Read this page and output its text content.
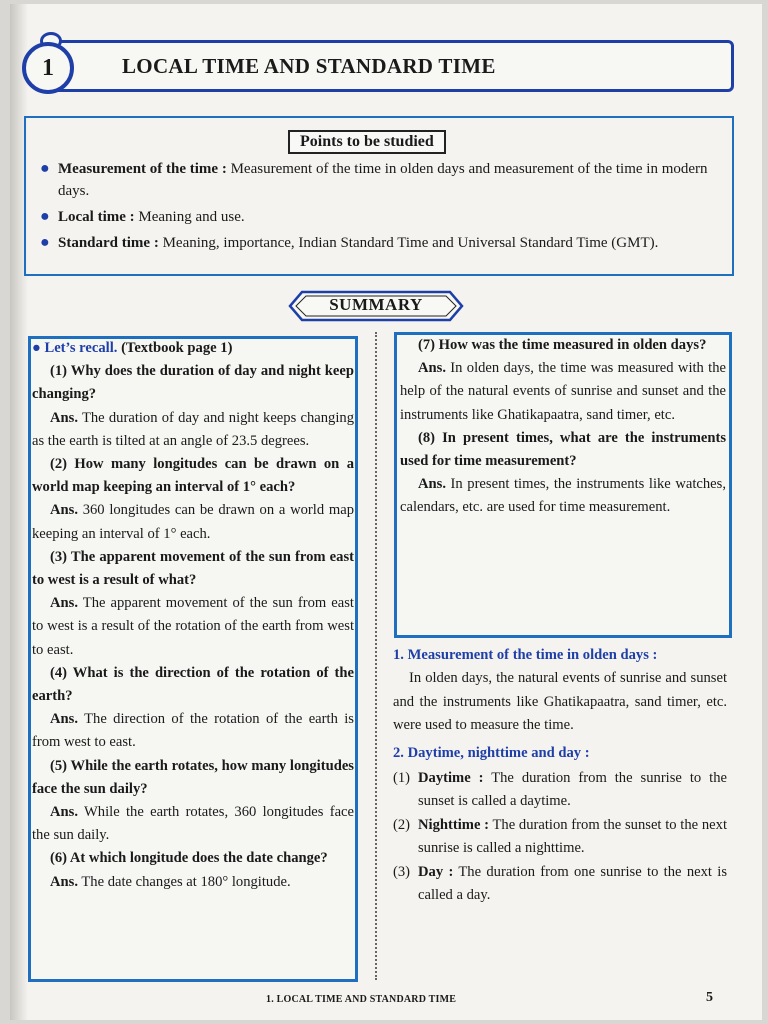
1	LOCAL TIME AND STANDARD TIME
Points to be studied
● Measurement of the time : Measurement of the time in olden days and measurement of the time in modern days.
● Local time : Meaning and use.
● Standard time : Meaning, importance, Indian Standard Time and Universal Standard Time (GMT).
SUMMARY

● Let’s recall. (Textbook page 1)

(1) Why does the duration of day and night keep changing?

Ans. The duration of day and night keeps changing as the earth is tilted at an angle of 23.5 degrees.

(2) How many longitudes can be drawn on a world map keeping an interval of 1° each?

Ans. 360 longitudes can be drawn on a world map keeping an interval of 1° each.

(3) The apparent movement of the sun from east to west is a result of what?

Ans. The apparent movement of the sun from east to west is a result of the rotation of the earth from west to east.

(4) What is the direction of the rotation of the earth?

Ans. The direction of the rotation of the earth is from west to east.

(5) While the earth rotates, how many longitudes face the sun daily?

Ans. While the earth rotates, 360 longitudes face the sun daily.

(6) At which longitude does the date change?

Ans. The date changes at 180° longitude.

(7) How was the time measured in olden days?

Ans. In olden days, the time was measured with the help of the natural events of sunrise and sunset and the instruments like Ghatikapaatra, sand timer, etc.

(8) In present times, what are the instruments used for time measurement?

Ans. In present times, the instruments like watches, calendars, etc. are used for time measurement.

1. Measurement of the time in olden days :

In olden days, the natural events of sunrise and sunset and the instruments like Ghatikapaatra, sand timer, etc. were used to measure the time.

2. Daytime, nighttime and day :

(1) Daytime : The duration from the sunrise to the sunset is called a daytime.

(2) Nighttime : The duration from the sunset to the next sunrise is called a nighttime.

(3) Day : The duration from one sunrise to the next is called a day.

1. LOCAL TIME AND STANDARD TIME	5
